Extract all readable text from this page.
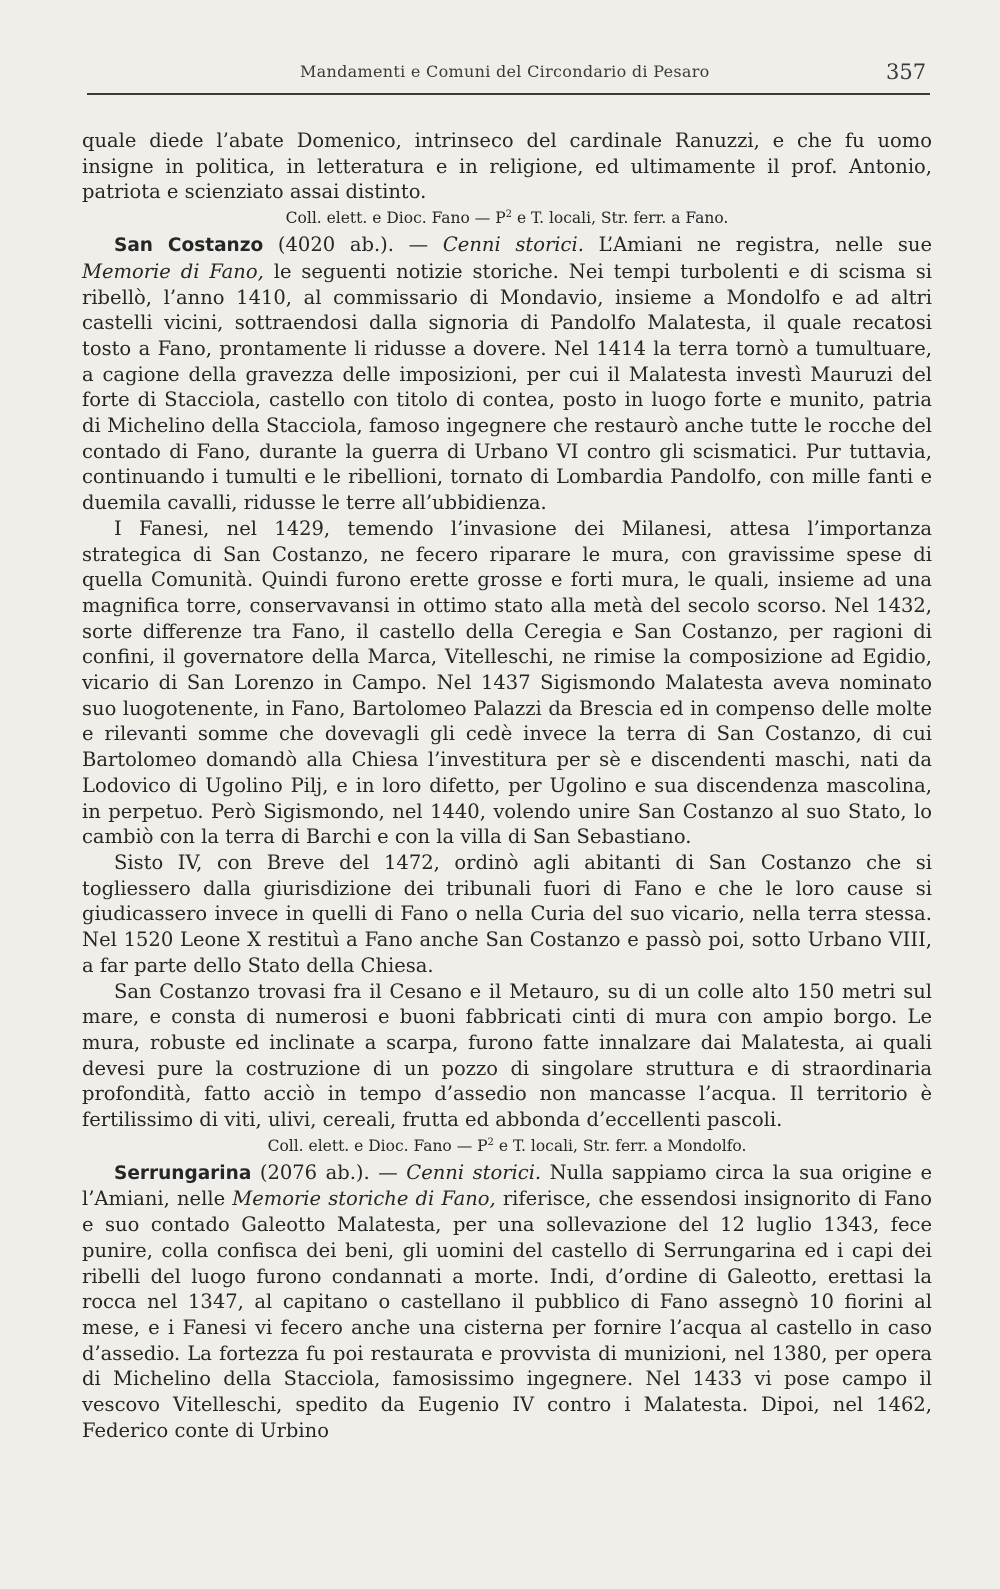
Mandamenti e Comuni del Circondario di Pesaro	357

quale diede l’abate Domenico, intrinseco del cardinale Ranuzzi, e che fu uomo insigne in politica, in letteratura e in religione, ed ultimamente il prof. Antonio, patriota e scienziato assai distinto.

Coll. elett. e Dioc. Fano — $P^2$ e T. locali, Str. ferr. a Fano.

San Costanzo (4020 ab.). — Cenni storici. L’Amiani ne registra, nelle sue Memorie di Fano, le seguenti notizie storiche. Nei tempi turbolenti e di scisma si ribellò, l’anno 1410, al commissario di Mondavio, insieme a Mondolfo e ad altri castelli vicini, sottraendosi dalla signoria di Pandolfo Malatesta, il quale recatosi tosto a Fano, prontamente li ridusse a dovere. Nel 1414 la terra tornò a tumultuare, a cagione della gravezza delle imposizioni, per cui il Malatesta investì Mauruzi del forte di Stacciola, castello con titolo di contea, posto in luogo forte e munito, patria di Michelino della Stacciola, famoso ingegnere che restaurò anche tutte le rocche del contado di Fano, durante la guerra di Urbano VI contro gli scismatici. Pur tuttavia, continuando i tumulti e le ribellioni, tornato di Lombardia Pandolfo, con mille fanti e duemila cavalli, ridusse le terre all’ubbidienza.

I Fanesi, nel 1429, temendo l’invasione dei Milanesi, attesa l’importanza strategica di San Costanzo, ne fecero riparare le mura, con gravissime spese di quella Comunità. Quindi furono erette grosse e forti mura, le quali, insieme ad una magnifica torre, conservavansi in ottimo stato alla metà del secolo scorso. Nel 1432, sorte differenze tra Fano, il castello della Ceregia e San Costanzo, per ragioni di confini, il governatore della Marca, Vitelleschi, ne rimise la composizione ad Egidio, vicario di San Lorenzo in Campo. Nel 1437 Sigismondo Malatesta aveva nominato suo luogotenente, in Fano, Bartolomeo Palazzi da Brescia ed in compenso delle molte e rilevanti somme che dovevagli gli cedè invece la terra di San Costanzo, di cui Bartolomeo domandò alla Chiesa l’investitura per sè e discendenti maschi, nati da Lodovico di Ugolino Pilj, e in loro difetto, per Ugolino e sua discendenza mascolina, in perpetuo. Però Sigismondo, nel 1440, volendo unire San Costanzo al suo Stato, lo cambiò con la terra di Barchi e con la villa di San Sebastiano.

Sisto IV, con Breve del 1472, ordinò agli abitanti di San Costanzo che si togliessero dalla giurisdizione dei tribunali fuori di Fano e che le loro cause si giudicassero invece in quelli di Fano o nella Curia del suo vicario, nella terra stessa. Nel 1520 Leone X restituì a Fano anche San Costanzo e passò poi, sotto Urbano VIII, a far parte dello Stato della Chiesa.

San Costanzo trovasi fra il Cesano e il Metauro, su di un colle alto 150 metri sul mare, e consta di numerosi e buoni fabbricati cinti di mura con ampio borgo. Le mura, robuste ed inclinate a scarpa, furono fatte innalzare dai Malatesta, ai quali devesi pure la costruzione di un pozzo di singolare struttura e di straordinaria profondità, fatto acciò in tempo d’assedio non mancasse l’acqua. Il territorio è fertilissimo di viti, ulivi, cereali, frutta ed abbonda d’eccellenti pascoli.

Coll. elett. e Dioc. Fano — $P^2$ e T. locali, Str. ferr. a Mondolfo.

Serrungarina (2076 ab.). — Cenni storici. Nulla sappiamo circa la sua origine e l’Amiani, nelle Memorie storiche di Fano, riferisce, che essendosi insignorito di Fano e suo contado Galeotto Malatesta, per una sollevazione del 12 luglio 1343, fece punire, colla confisca dei beni, gli uomini del castello di Serrungarina ed i capi dei ribelli del luogo furono condannati a morte. Indi, d’ordine di Galeotto, erettasi la rocca nel 1347, al capitano o castellano il pubblico di Fano assegnò 10 fiorini al mese, e i Fanesi vi fecero anche una cisterna per fornire l’acqua al castello in caso d’assedio. La fortezza fu poi restaurata e provvista di munizioni, nel 1380, per opera di Michelino della Stacciola, famosissimo ingegnere. Nel 1433 vi pose campo il vescovo Vitelleschi, spedito da Eugenio IV contro i Malatesta. Dipoi, nel 1462, Federico conte di Urbino
